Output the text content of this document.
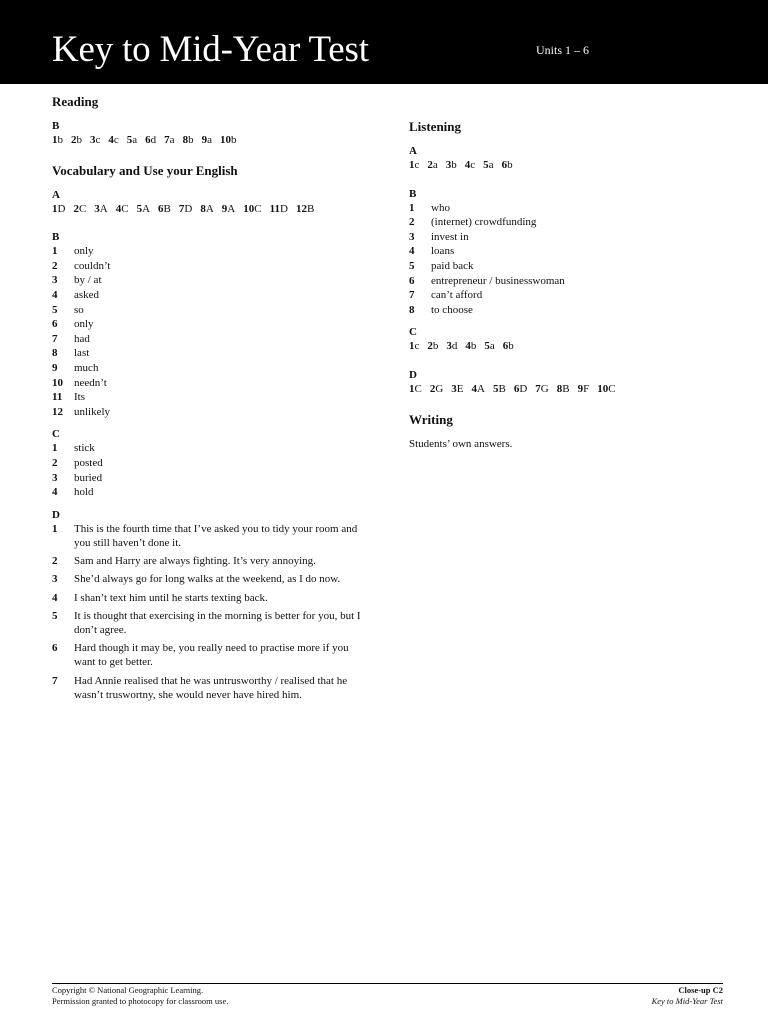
Key to Mid-Year Test	Units 1 – 6
Reading
B
1b 2b 3c 4c 5a 6d 7a 8b 9a 10b
Vocabulary and Use your English
A
1D 2C 3A 4C 5A 6B 7D 8A 9A 10C 11D 12B
B
1	only
2	couldn’t
3	by / at
4	asked
5	so
6	only
7	had
8	last
9	much
10	needn’t
11	Its
12	unlikely
C
1	stick
2	posted
3	buried
4	hold
D
1	This is the fourth time that I’ve asked you to tidy your room and you still haven’t done it.
2	Sam and Harry are always fighting. It’s very annoying.
3	She’d always go for long walks at the weekend, as I do now.
4	I shan’t text him until he starts texting back.
5	It is thought that exercising in the morning is better for you, but I don’t agree.
6	Hard though it may be, you really need to practise more if you want to get better.
7	Had Annie realised that he was untrusworthy / realised that he wasn’t truswortny, she would never have hired him.
Listening
A
1c 2a 3b 4c 5a 6b
B
1	who
2	(internet) crowdfunding
3	invest in
4	loans
5	paid back
6	entrepreneur / businesswoman
7	can’t afford
8	to choose
C
1c 2b 3d 4b 5a 6b
D
1C 2G 3E 4A 5B 6D 7G 8B 9F 10C
Writing
Students’ own answers.
Copyright © National Geographic Learning.
Permission granted to photocopy for classroom use.
Close-up C2
Key to Mid-Year Test
